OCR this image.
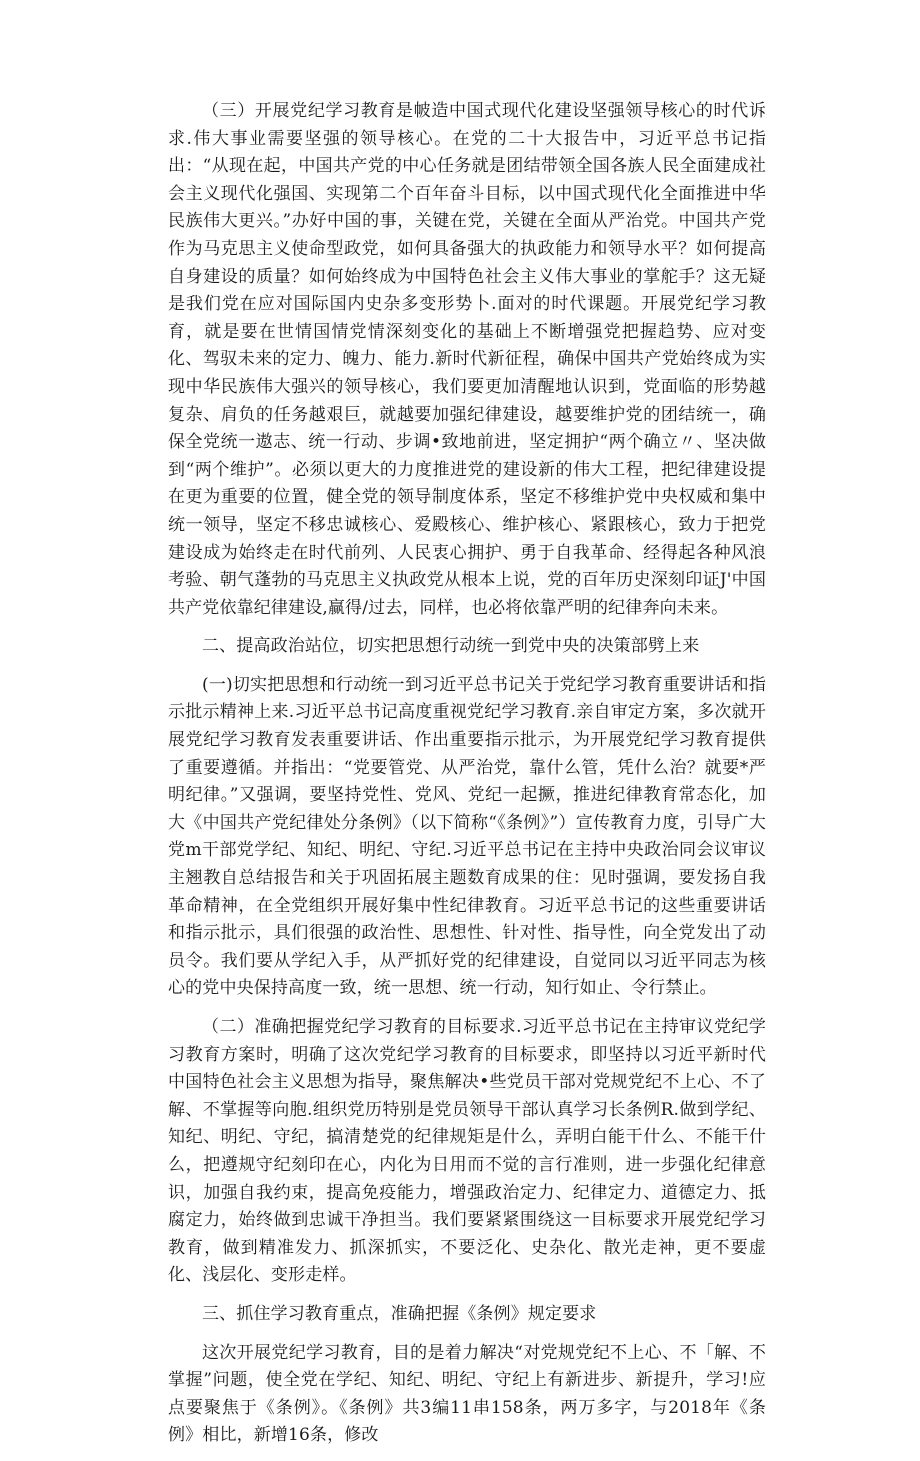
（三）开展党纪学习教育是帔造中国式现代化建设坚强领导核心的时代诉求.伟大事业需要坚强的领导核心。在党的二十大报告中，习近平总书记指出：“从现在起，中国共产党的中心任务就是团结带领全国各族人民全面建成社会主义现代化强国、实现第二个百年奋斗目标，以中国式现代化全面推进中华民族伟大更兴。”办好中国的事，关键在党，关键在全面从严治党。中国共产党作为马克思主义使命型政党，如何具备强大的执政能力和领导水平？如何提高自身建设的质量？如何始终成为中国特色社会主义伟大事业的掌舵手？这无疑是我们党在应对国际国内史杂多变形势卜.面对的时代课题。开展党纪学习教育，就是要在世情国情党情深刻变化的基础上不断增强党把握趋势、应对变化、驾驭未来的定力、魄力、能力.新时代新征程，确保中国共产党始终成为实现中华民族伟大强兴的领导核心，我们要更加清醒地认识到，党面临的形势越复杂、肩负的任务越艰巨，就越要加强纪律建设，越要维护党的团结统一，确保全党统一遨志、统一行动、步调•致地前进，坚定拥护“两个确立〃、坚决做到“两个维护”。必须以更大的力度推进党的建设新的伟大工程，把纪律建设提在更为重要的位置，健全党的领导制度体系，坚定不移维护党中央权威和集中统一领导，坚定不移忠诚核心、爱殿核心、维护核心、紧跟核心，致力于把党建设成为始终走在时代前列、人民衷心拥护、勇于自我革命、经得起各种风浪考验、朝气蓬勃的马克思主义执政党从根本上说，党的百年历史深刻印证J'中国共产党依靠纪律建设,赢得/过去，同样，也必将依靠严明的纪律奔向未来。

二、提高政治站位，切实把思想行动统一到党中央的决策部劈上来

(一)切实把思想和行动统一到习近平总书记关于党纪学习教育重要讲话和指示批示精神上来.习近平总书记高度重视党纪学习教育.亲自审定方案，多次就开展党纪学习教育发表重要讲话、作出重要指示批示，为开展党纪学习教育提供了重要遵循。并指出：“党要管党、从严治党，靠什么管，凭什么治？就要*严明纪律。”又强调，要坚持党性、党风、党纪一起撅，推进纪律教育常态化，加大《中国共产党纪律处分条例》（以下简称“《条例》”）宣传教育力度，引导广大党m干部党学纪、知纪、明纪、守纪.习近平总书记在主持中央政治同会议审议主翘教自总结报告和关于巩固拓展主题数育成果的住：见时强调，要发扬自我革命精神，在全党组织开展好集中性纪律教育。习近平总书记的这些重要讲话和指示批示，具们很强的政治性、思想性、针对性、指导性，向全党发出了动员令。我们要从学纪入手，从严抓好党的纪律建设，自觉同以习近平同志为核心的党中央保持高度一致，统一思想、统一行动，知行如止、令行禁止。

（二）准确把握党纪学习教育的目标要求.习近平总书记在主持审议党纪学习教育方案时，明确了这次党纪学习教育的目标要求，即坚持以习近平新时代中国特色社会主义思想为指导，聚焦解决•些党员干部对党规党纪不上心、不了解、不掌握等向胞.组织党历特别是党员领导干部认真学习长条例R.做到学纪、知纪、明纪、守纪，搞清楚党的纪律规矩是什么，弄明白能干什么、不能干什么，把遵规守纪刻印在心，内化为日用而不觉的言行准则，进一步强化纪律意识，加强自我约束，提高免疫能力，增强政治定力、纪律定力、道德定力、抵腐定力，始终做到忠诚干净担当。我们要紧紧围绕这一目标要求开展党纪学习教育，做到精准发力、抓深抓实，不要泛化、史杂化、散光走神，更不要虚化、浅层化、变形走样。

三、抓住学习教育重点，准确把握《条例》规定要求

这次开展党纪学习教育，目的是着力解决“对党规党纪不上心、不「解、不掌握”问题，使全党在学纪、知纪、明纪、守纪上有新进步、新提升，学习!应点要聚焦于《条例》。《条例》共3编11串158条，两万多字，与2018年《条例》相比，新增16条，修改
